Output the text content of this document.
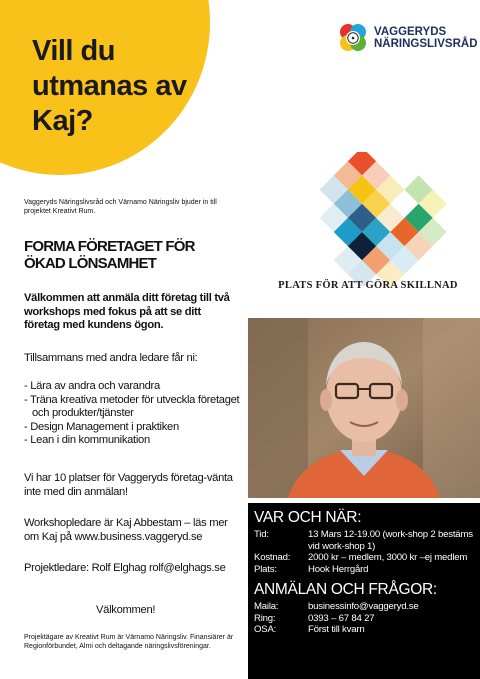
Vill du
utmanas av
Kaj?
VAGGERYDS
NÄRINGSLIVSRÅD

Vaggeryds Näringslivsråd och Värnamo Näringsliv bjuder in till projektet Kreativt Rum.

FORMA FÖRETAGET FÖR
ÖKAD LÖNSAMHET

Välkommen att anmäla ditt företag till två workshops med fokus på att se ditt företag med kundens ögon.

Tillsammans med andra ledare får ni:

- Lära av andra och varandra
- Träna kreativa metoder för utveckla företaget och produkter/tjänster
- Design Management i praktiken
- Lean i din kommunikation

Vi har 10 platser för Vaggeryds företag-vänta inte med din anmälan!

Workshopledare är Kaj Abbestam – läs mer om Kaj på www.business.vaggeryd.se

Projektledare: Rolf Elghag rolf@elghags.se

Välkommen!

Projektägare av Kreativt Rum är Värnamo Näringsliv. Finansiärer är Regionförbundet, Almi och deltagande näringslivsföreningar.

PLATS FÖR ATT GÖRA SKILLNAD
VAR OCH NÄR:
Tid:	13 Mars 12-19.00 (work-shop 2 bestäms vid work-shop 1)
Kostnad:	2000 kr – medlem, 3000 kr –ej medlem
Plats:	Hook Herrgård
ANMÄLAN OCH FRÅGOR:
Maila:	businessinfo@vaggeryd.se
Ring:	0393 – 67 84 27
OSA:	Först till kvarn
